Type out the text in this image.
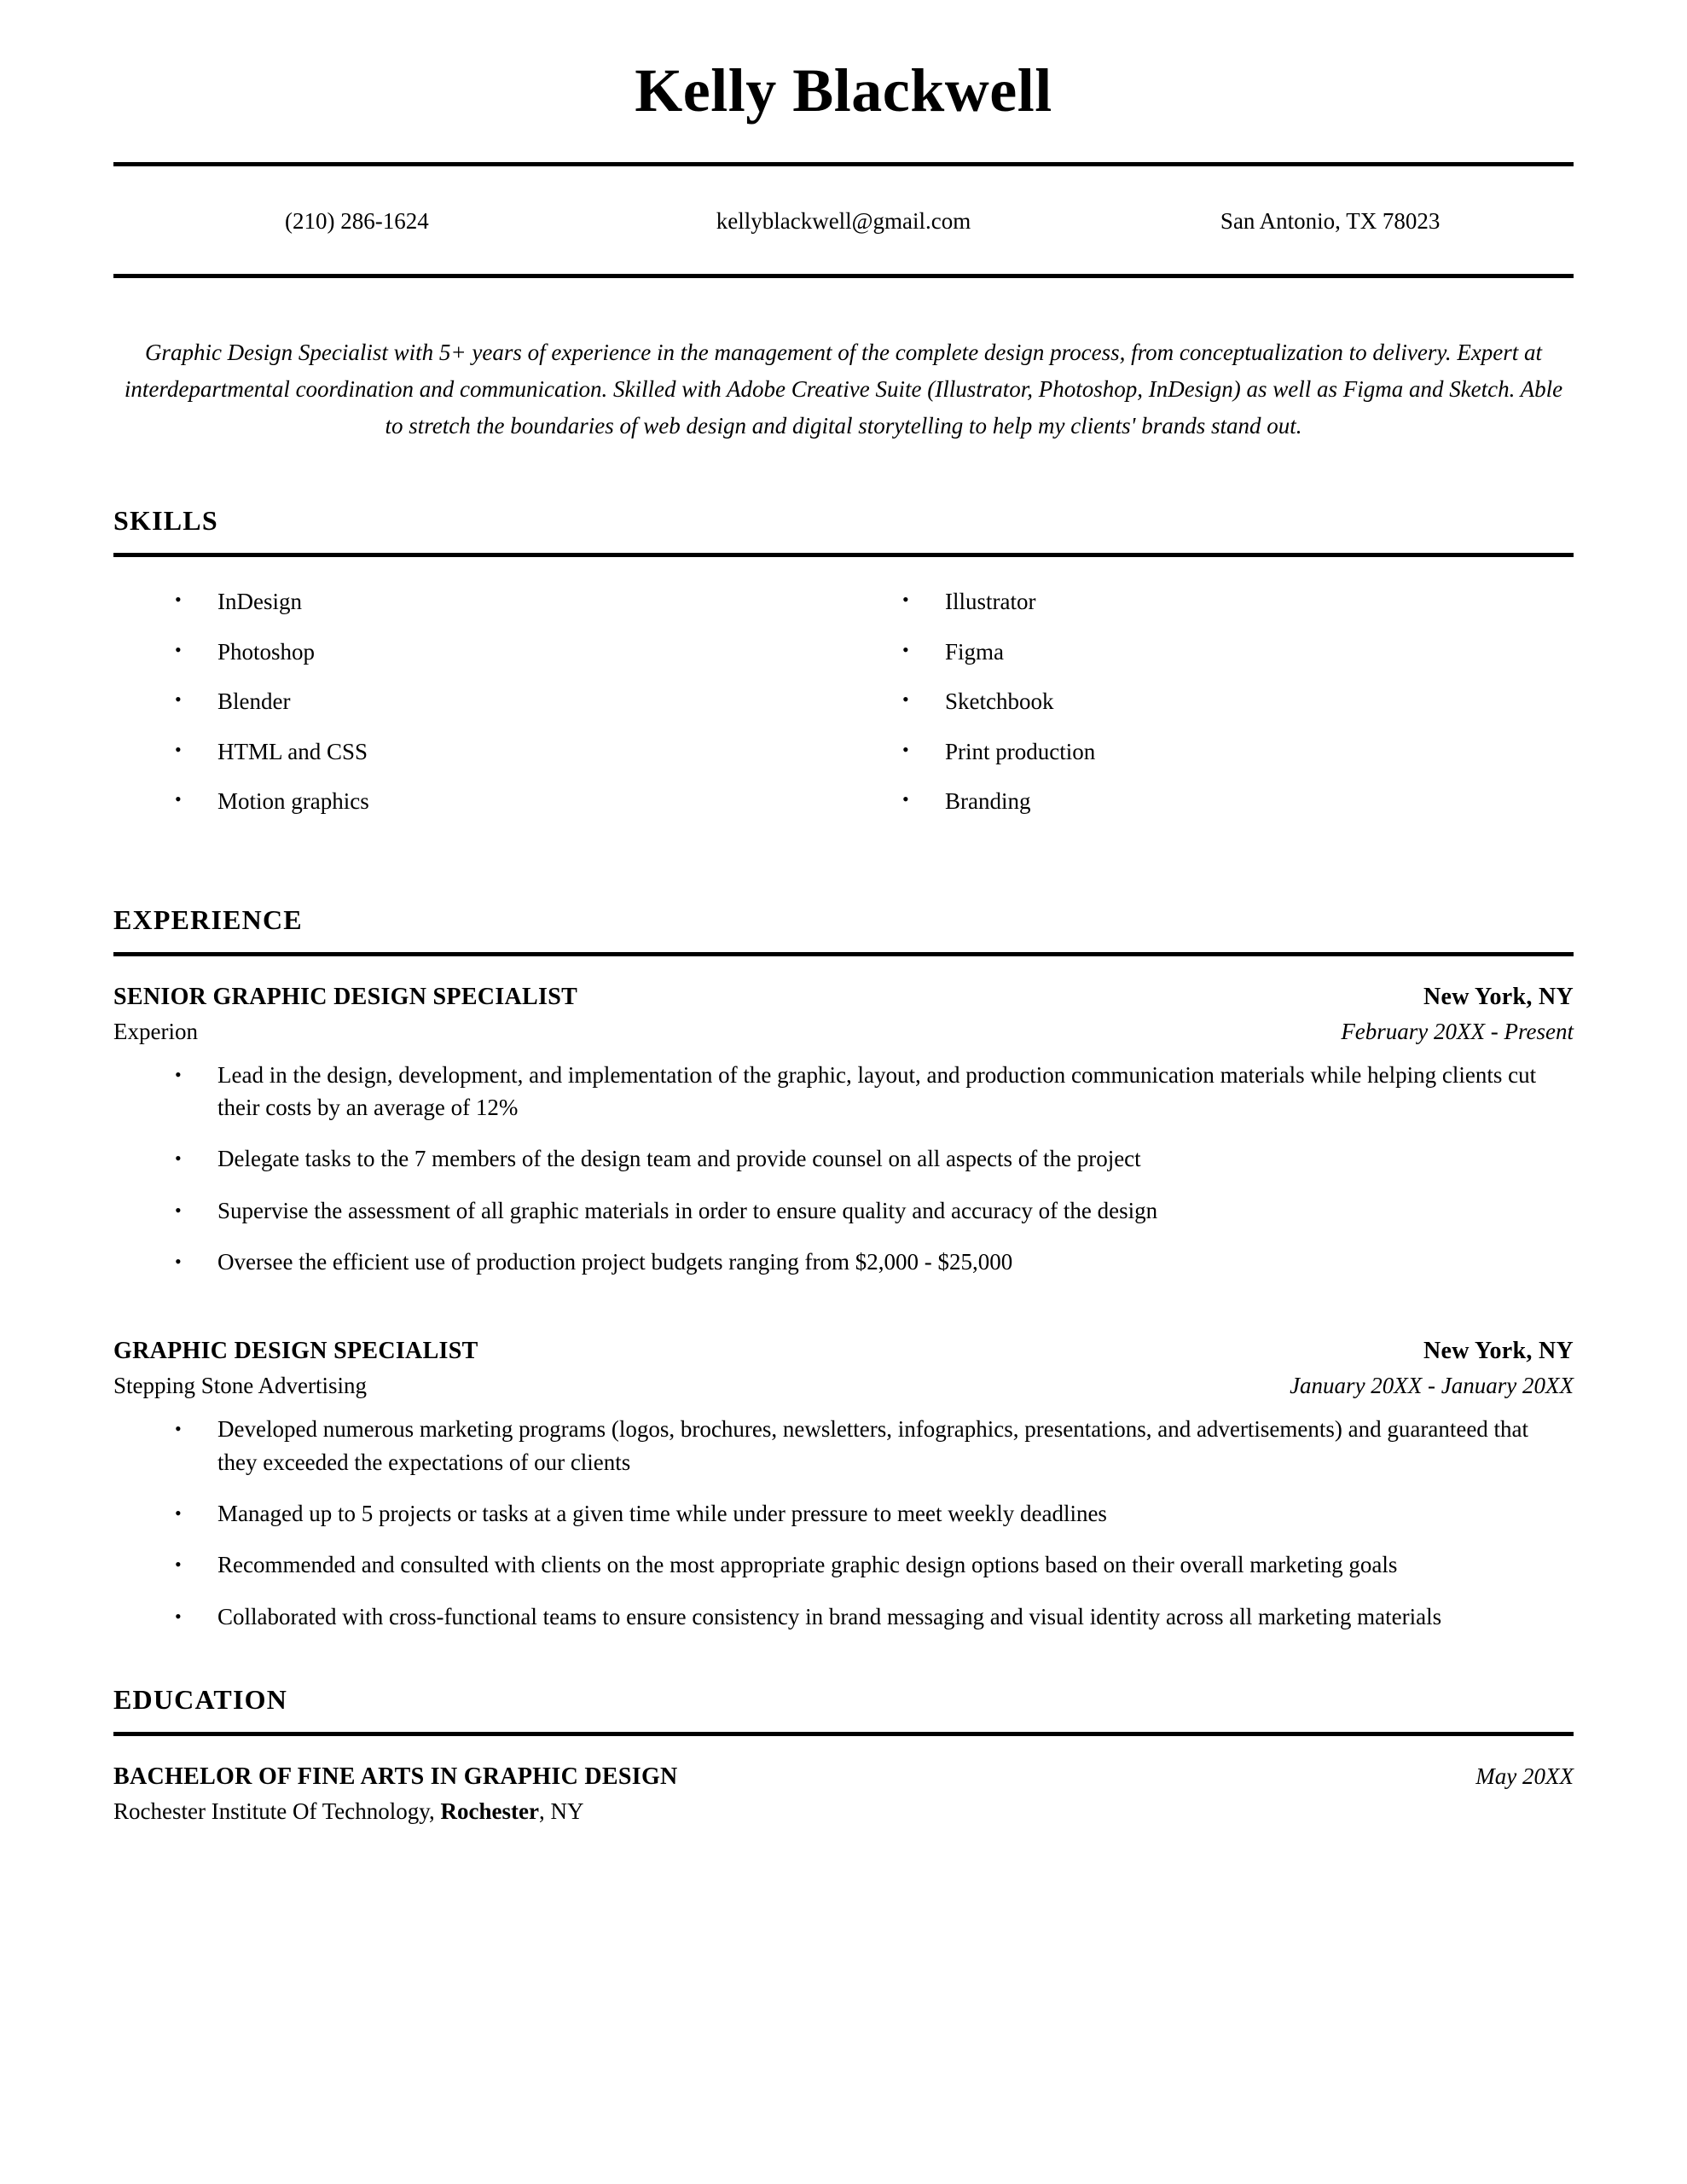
Kelly Blackwell
(210) 286-1624	kellyblackwell@gmail.com	San Antonio, TX 78023
Graphic Design Specialist with 5+ years of experience in the management of the complete design process, from conceptualization to delivery. Expert at interdepartmental coordination and communication. Skilled with Adobe Creative Suite (Illustrator, Photoshop, InDesign) as well as Figma and Sketch. Able to stretch the boundaries of web design and digital storytelling to help my clients' brands stand out.
SKILLS
• InDesign
• Photoshop
• Blender
• HTML and CSS
• Motion graphics
• Illustrator
• Figma
• Sketchbook
• Print production
• Branding
EXPERIENCE
SENIOR GRAPHIC DESIGN SPECIALIST	New York, NY
Experion	February 20XX - Present
• Lead in the design, development, and implementation of the graphic, layout, and production communication materials while helping clients cut their costs by an average of 12%
• Delegate tasks to the 7 members of the design team and provide counsel on all aspects of the project
• Supervise the assessment of all graphic materials in order to ensure quality and accuracy of the design
• Oversee the efficient use of production project budgets ranging from $2,000 - $25,000
GRAPHIC DESIGN SPECIALIST	New York, NY
Stepping Stone Advertising	January 20XX - January 20XX
• Developed numerous marketing programs (logos, brochures, newsletters, infographics, presentations, and advertisements) and guaranteed that they exceeded the expectations of our clients
• Managed up to 5 projects or tasks at a given time while under pressure to meet weekly deadlines
• Recommended and consulted with clients on the most appropriate graphic design options based on their overall marketing goals
• Collaborated with cross-functional teams to ensure consistency in brand messaging and visual identity across all marketing materials
EDUCATION
BACHELOR OF FINE ARTS IN GRAPHIC DESIGN	May 20XX
Rochester Institute Of Technology, Rochester, NY
